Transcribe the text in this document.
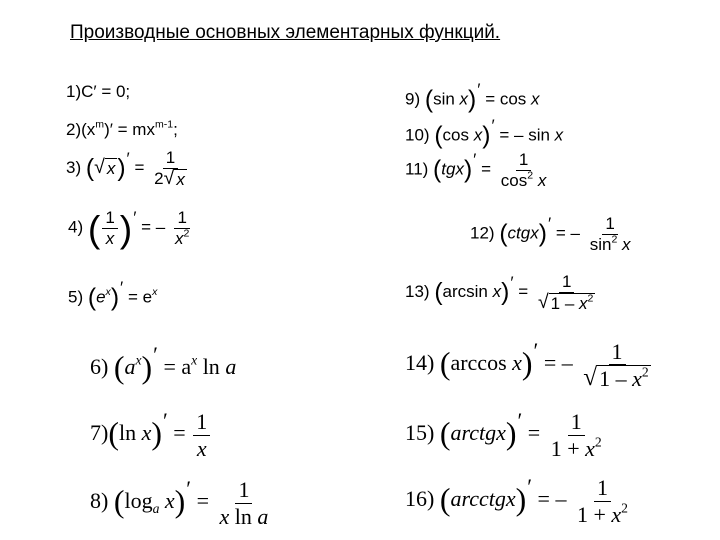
Производные основных элементарных функций.
1)C′ = 0;
$2)(x^m)' = mx^{m-1}$;
3) ( √ x )′ = $\frac{1}{2 √ x}$
4) ( $\frac{1}{x}$ )′ = – $\frac{1}{x^2}$
5) $(e^x)' = e^x$
6) $(a^x)' = a^x$ ln a
7)(ln $x)' = \frac{1}{x}$
8) ($\log_a$ $x)' = \frac{1}{\text{x ln a}}$
9) (sin x)′ = cos x
10) (cos x)′ = – sin x
11) $(tgx)' = \frac{1}{\cos^2 x}$
12) (ctgx)′ = – $\frac{1}{\sin^2 x}$
13) (arcsin $x)' = \frac{1}{√ 1 - x^2}$
14) (arccos x)′ = – $\frac{1}{√ 1 - x^2}$
15) (arctgx)′ = $\frac{1}{1 + x^2}$
16) (arcctgx)′ = – $\frac{1}{1 + x^2}$
